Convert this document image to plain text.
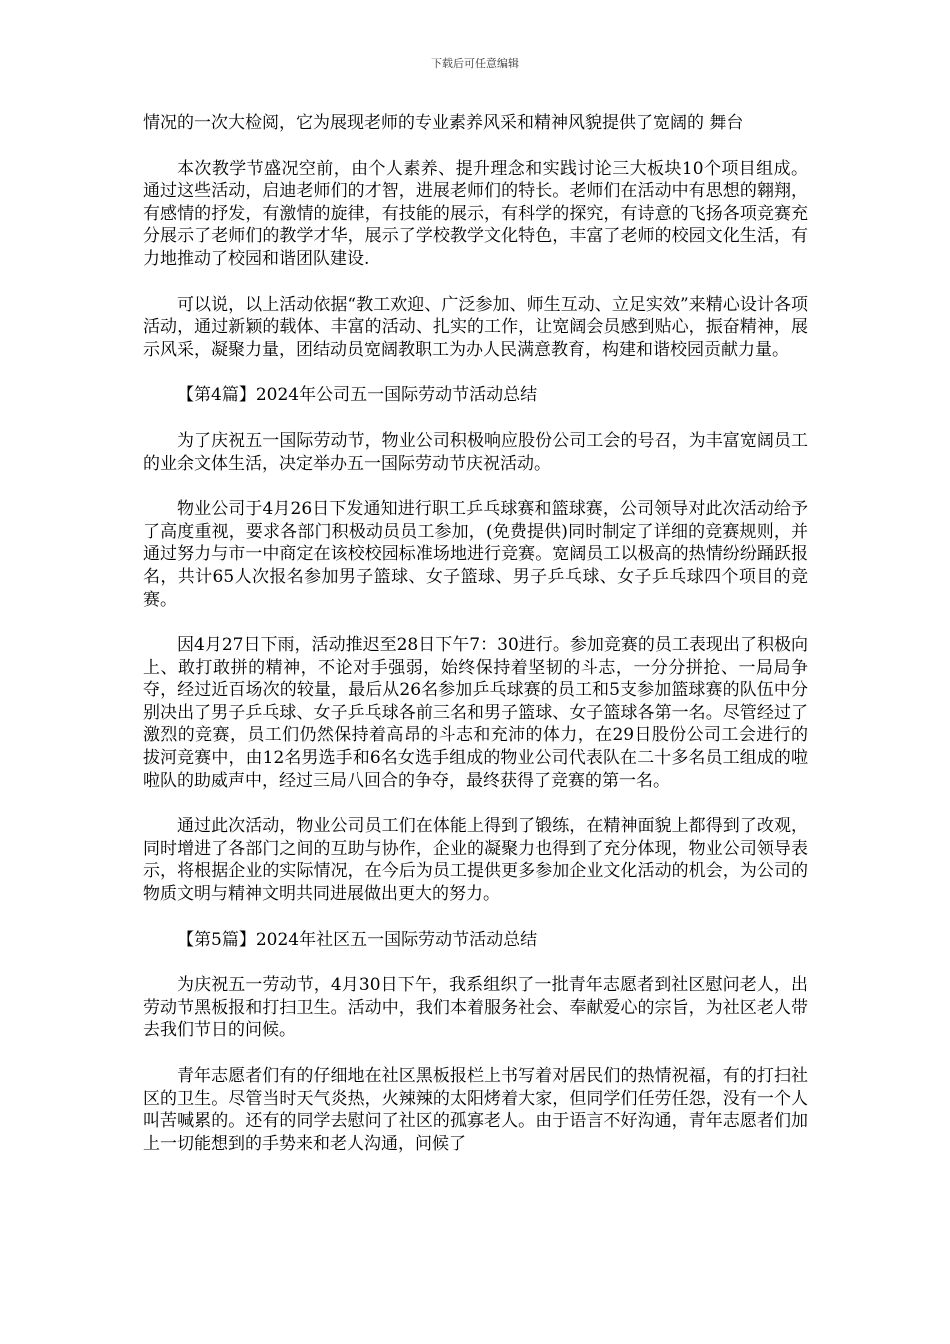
下载后可任意编辑

情况的一次大检阅，它为展现老师的专业素养风采和精神风貌提供了宽阔的 舞台

本次教学节盛况空前，由个人素养、提升理念和实践讨论三大板块10个项目组成。通过这些活动，启迪老师们的才智，进展老师们的特长。老师们在活动中有思想的翱翔，有感情的抒发，有激情的旋律，有技能的展示，有科学的探究，有诗意的飞扬各项竞赛充分展示了老师们的教学才华，展示了学校教学文化特色，丰富了老师的校园文化生活，有力地推动了校园和谐团队建设.

可以说，以上活动依据“教工欢迎、广泛参加、师生互动、立足实效”来精心设计各项活动，通过新颖的载体、丰富的活动、扎实的工作，让宽阔会员感到贴心，振奋精神，展示风采，凝聚力量，团结动员宽阔教职工为办人民满意教育，构建和谐校园贡献力量。

【第4篇】2024年公司五一国际劳动节活动总结

为了庆祝五一国际劳动节，物业公司积极响应股份公司工会的号召，为丰富宽阔员工的业余文体生活，决定举办五一国际劳动节庆祝活动。

物业公司于4月26日下发通知进行职工乒乓球赛和篮球赛，公司领导对此次活动给予了高度重视，要求各部门积极动员员工参加，(免费提供)同时制定了详细的竞赛规则，并通过努力与市一中商定在该校校园标准场地进行竞赛。宽阔员工以极高的热情纷纷踊跃报名，共计65人次报名参加男子篮球、女子篮球、男子乒乓球、女子乒乓球四个项目的竞赛。

因4月27日下雨，活动推迟至28日下午7：30进行。参加竞赛的员工表现出了积极向上、敢打敢拼的精神，不论对手强弱，始终保持着坚韧的斗志，一分分拼抢、一局局争夺，经过近百场次的较量，最后从26名参加乒乓球赛的员工和5支参加篮球赛的队伍中分别决出了男子乒乓球、女子乒乓球各前三名和男子篮球、女子篮球各第一名。尽管经过了激烈的竞赛，员工们仍然保持着高昂的斗志和充沛的体力，在29日股份公司工会进行的拔河竞赛中，由12名男选手和6名女选手组成的物业公司代表队在二十多名员工组成的啦啦队的助威声中，经过三局八回合的争夺，最终获得了竞赛的第一名。

通过此次活动，物业公司员工们在体能上得到了锻练，在精神面貌上都得到了改观，同时增进了各部门之间的互助与协作，企业的凝聚力也得到了充分体现，物业公司领导表示，将根据企业的实际情况，在今后为员工提供更多参加企业文化活动的机会，为公司的物质文明与精神文明共同进展做出更大的努力。

【第5篇】2024年社区五一国际劳动节活动总结

为庆祝五一劳动节，4月30日下午，我系组织了一批青年志愿者到社区慰问老人，出劳动节黑板报和打扫卫生。活动中，我们本着服务社会、奉献爱心的宗旨，为社区老人带去我们节日的问候。

青年志愿者们有的仔细地在社区黑板报栏上书写着对居民们的热情祝福，有的打扫社区的卫生。尽管当时天气炎热，火辣辣的太阳烤着大家，但同学们任劳任怨，没有一个人叫苦喊累的。还有的同学去慰问了社区的孤寡老人。由于语言不好沟通，青年志愿者们加上一切能想到的手势来和老人沟通，问候了
